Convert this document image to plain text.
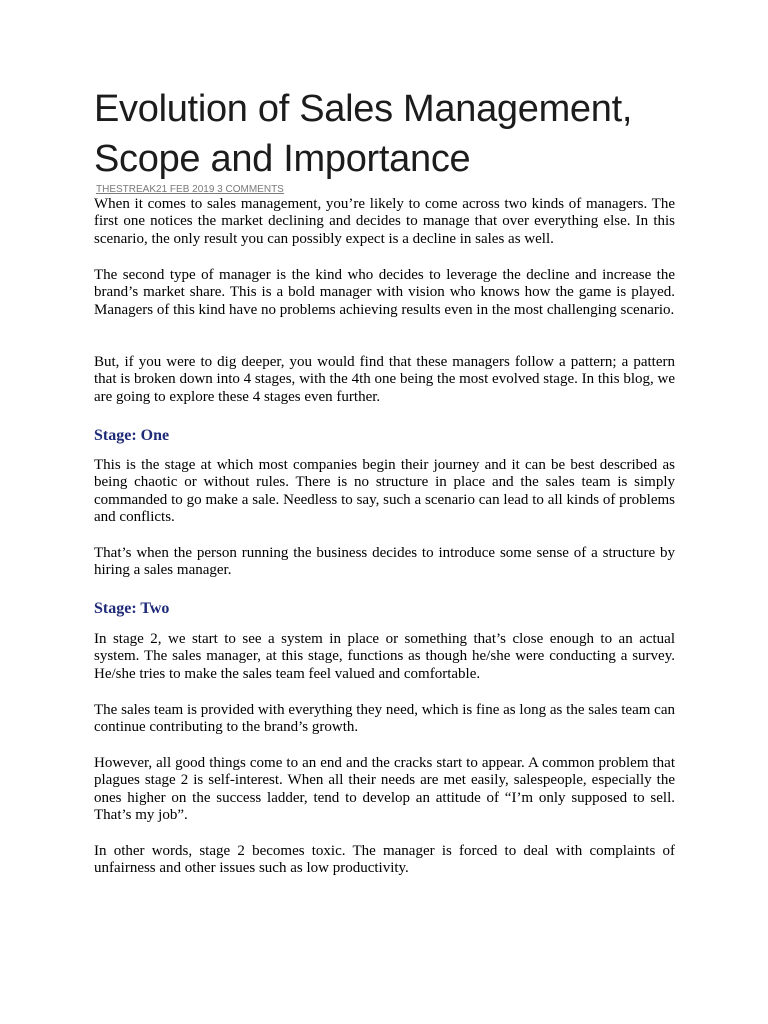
Evolution of Sales Management,
Scope and Importance
THESTREAK21 FEB 2019 3 COMMENTS

When it comes to sales management, you’re likely to come across two kinds of managers. The first one notices the market declining and decides to manage that over everything else. In this scenario, the only result you can possibly expect is a decline in sales as well.

The second type of manager is the kind who decides to leverage the decline and increase the brand’s market share. This is a bold manager with vision who knows how the game is played. Managers of this kind have no problems achieving results even in the most challenging scenario.

But, if you were to dig deeper, you would find that these managers follow a pattern; a pattern that is broken down into 4 stages, with the 4th one being the most evolved stage. In this blog, we are going to explore these 4 stages even further.

Stage: One

This is the stage at which most companies begin their journey and it can be best described as being chaotic or without rules. There is no structure in place and the sales team is simply commanded to go make a sale. Needless to say, such a scenario can lead to all kinds of problems and conflicts.

That’s when the person running the business decides to introduce some sense of a structure by hiring a sales manager.

Stage: Two

In stage 2, we start to see a system in place or something that’s close enough to an actual system. The sales manager, at this stage, functions as though he/she were conducting a survey. He/she tries to make the sales team feel valued and comfortable.

The sales team is provided with everything they need, which is fine as long as the sales team can continue contributing to the brand’s growth.

However, all good things come to an end and the cracks start to appear. A common problem that plagues stage 2 is self-interest. When all their needs are met easily, salespeople, especially the ones higher on the success ladder, tend to develop an attitude of “I’m only supposed to sell. That’s my job”.

In other words, stage 2 becomes toxic. The manager is forced to deal with complaints of unfairness and other issues such as low productivity.
